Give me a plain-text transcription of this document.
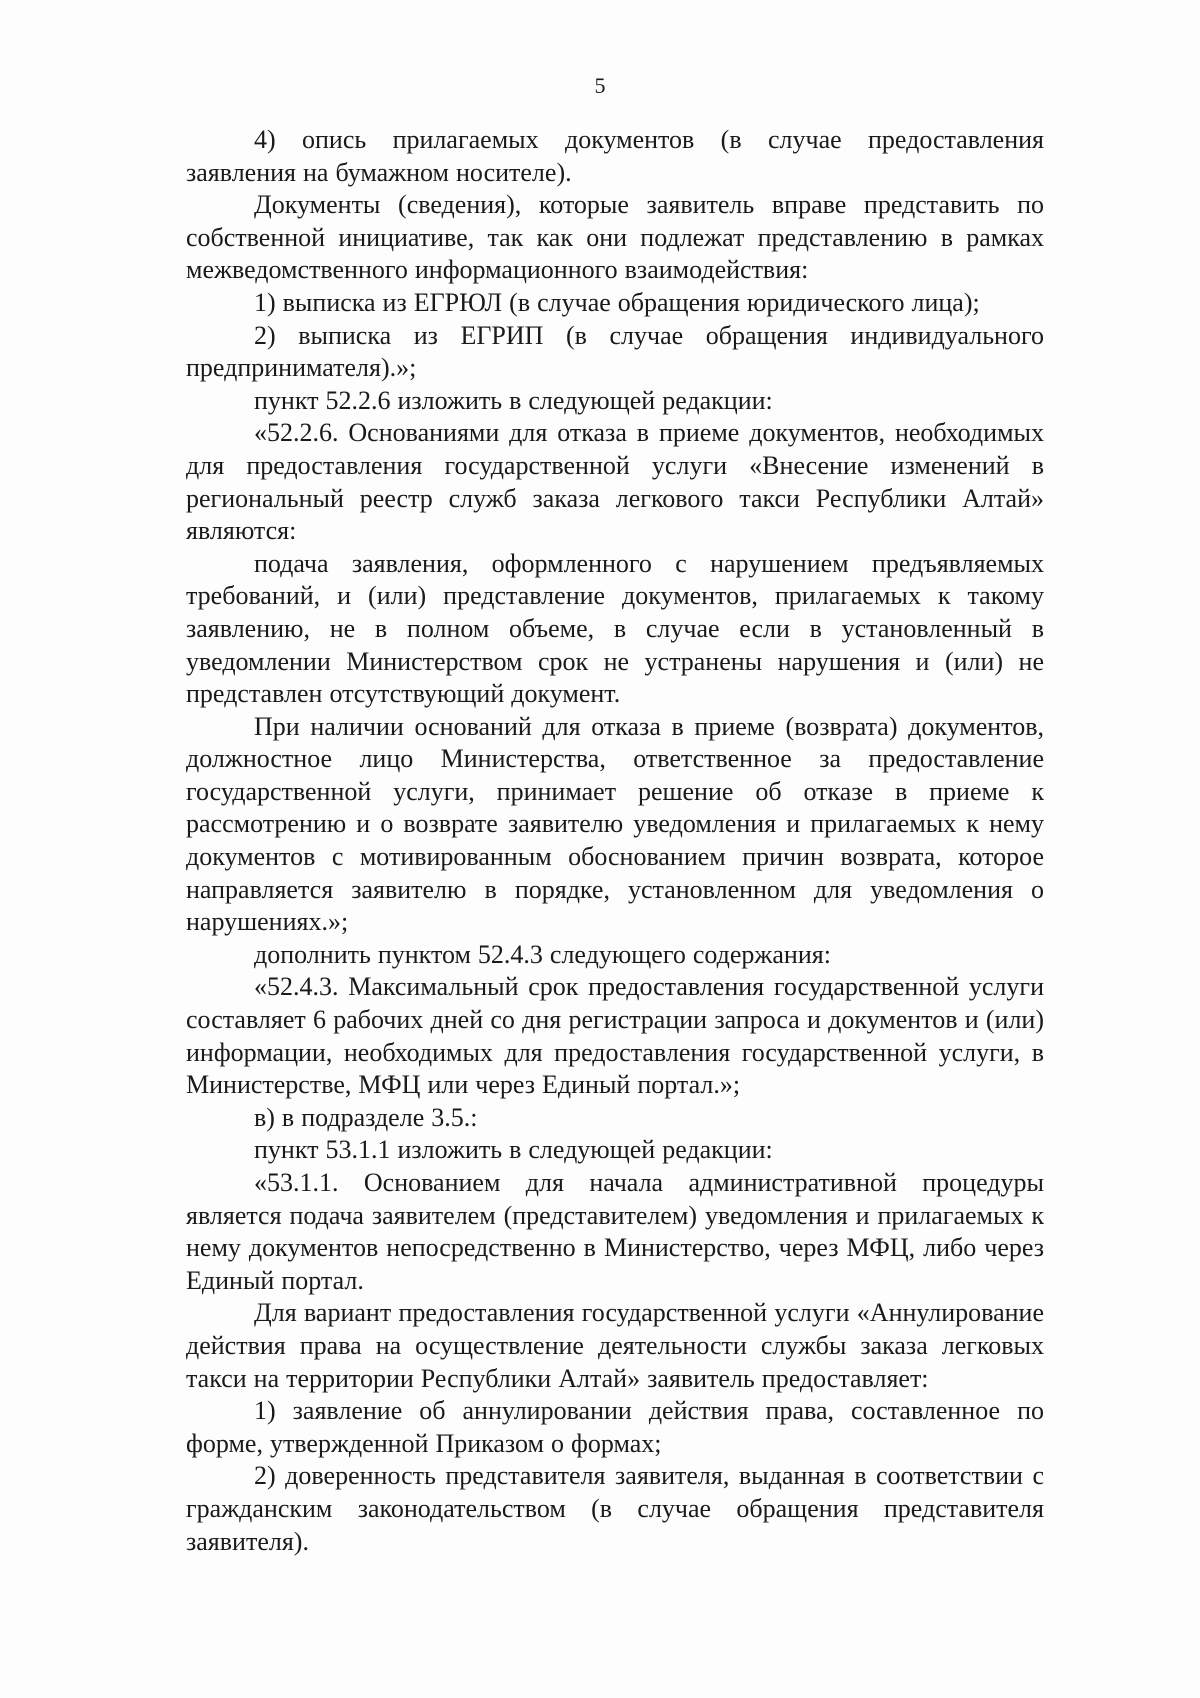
5

4) опись прилагаемых документов (в случае предоставления заявления на бумажном носителе).

Документы (сведения), которые заявитель вправе представить по собственной инициативе, так как они подлежат представлению в рамках межведомственного информационного взаимодействия:

1) выписка из ЕГРЮЛ (в случае обращения юридического лица);

2) выписка из ЕГРИП (в случае обращения индивидуального предпринимателя).»;

пункт 52.2.6 изложить в следующей редакции:

«52.2.6. Основаниями для отказа в приеме документов, необходимых для предоставления государственной услуги «Внесение изменений в региональный реестр служб заказа легкового такси Республики Алтай» являются:

подача заявления, оформленного с нарушением предъявляемых требований, и (или) представление документов, прилагаемых к такому заявлению, не в полном объеме, в случае если в установленный в уведомлении Министерством срок не устранены нарушения и (или) не представлен отсутствующий документ.

При наличии оснований для отказа в приеме (возврата) документов, должностное лицо Министерства, ответственное за предоставление государственной услуги, принимает решение об отказе в приеме к рассмотрению и о возврате заявителю уведомления и прилагаемых к нему документов с мотивированным обоснованием причин возврата, которое направляется заявителю в порядке, установленном для уведомления о нарушениях.»;

дополнить пунктом 52.4.3 следующего содержания:

«52.4.3. Максимальный срок предоставления государственной услуги составляет 6 рабочих дней со дня регистрации запроса и документов и (или) информации, необходимых для предоставления государственной услуги, в Министерстве, МФЦ или через Единый портал.»;

в) в подразделе 3.5.:

пункт 53.1.1 изложить в следующей редакции:

«53.1.1. Основанием для начала административной процедуры является подача заявителем (представителем) уведомления и прилагаемых к нему документов непосредственно в Министерство, через МФЦ, либо через Единый портал.

Для вариант предоставления государственной услуги «Аннулирование действия права на осуществление деятельности службы заказа легковых такси на территории Республики Алтай» заявитель предоставляет:

1) заявление об аннулировании действия права, составленное по форме, утвержденной Приказом о формах;

2) доверенность представителя заявителя, выданная в соответствии с гражданским законодательством (в случае обращения представителя заявителя).
